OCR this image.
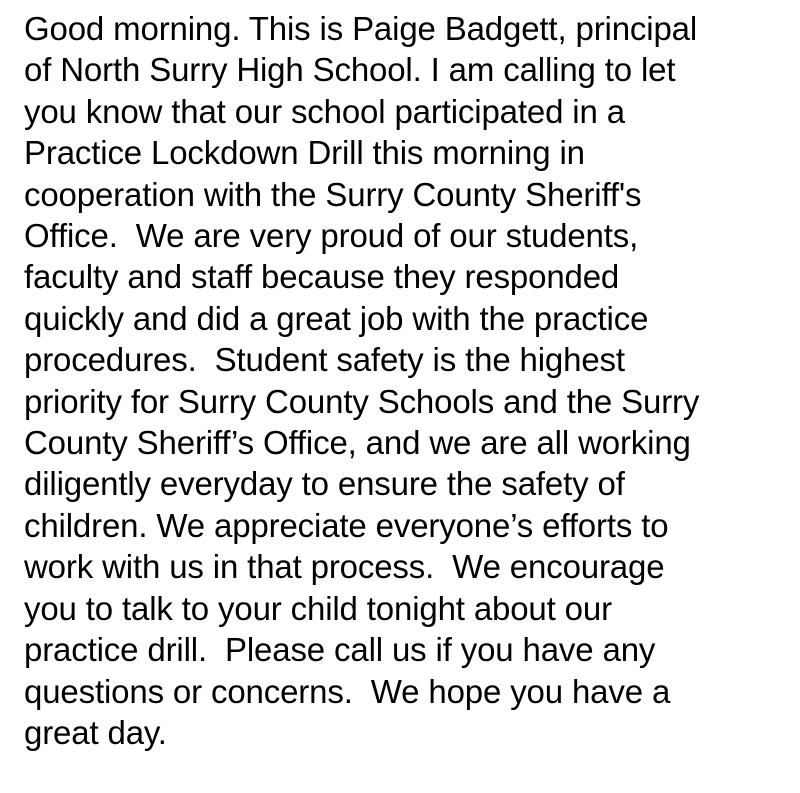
Good morning. This is Paige Badgett, principal
of North Surry High School. I am calling to let
you know that our school participated in a
Practice Lockdown Drill this morning in
cooperation with the Surry County Sheriff's
Office.  We are very proud of our students,
faculty and staff because they responded
quickly and did a great job with the practice
procedures.  Student safety is the highest
priority for Surry County Schools and the Surry
County Sheriff’s Office, and we are all working
diligently everyday to ensure the safety of
children. We appreciate everyone’s efforts to
work with us in that process.  We encourage
you to talk to your child tonight about our
practice drill.  Please call us if you have any
questions or concerns.  We hope you have a
great day.
